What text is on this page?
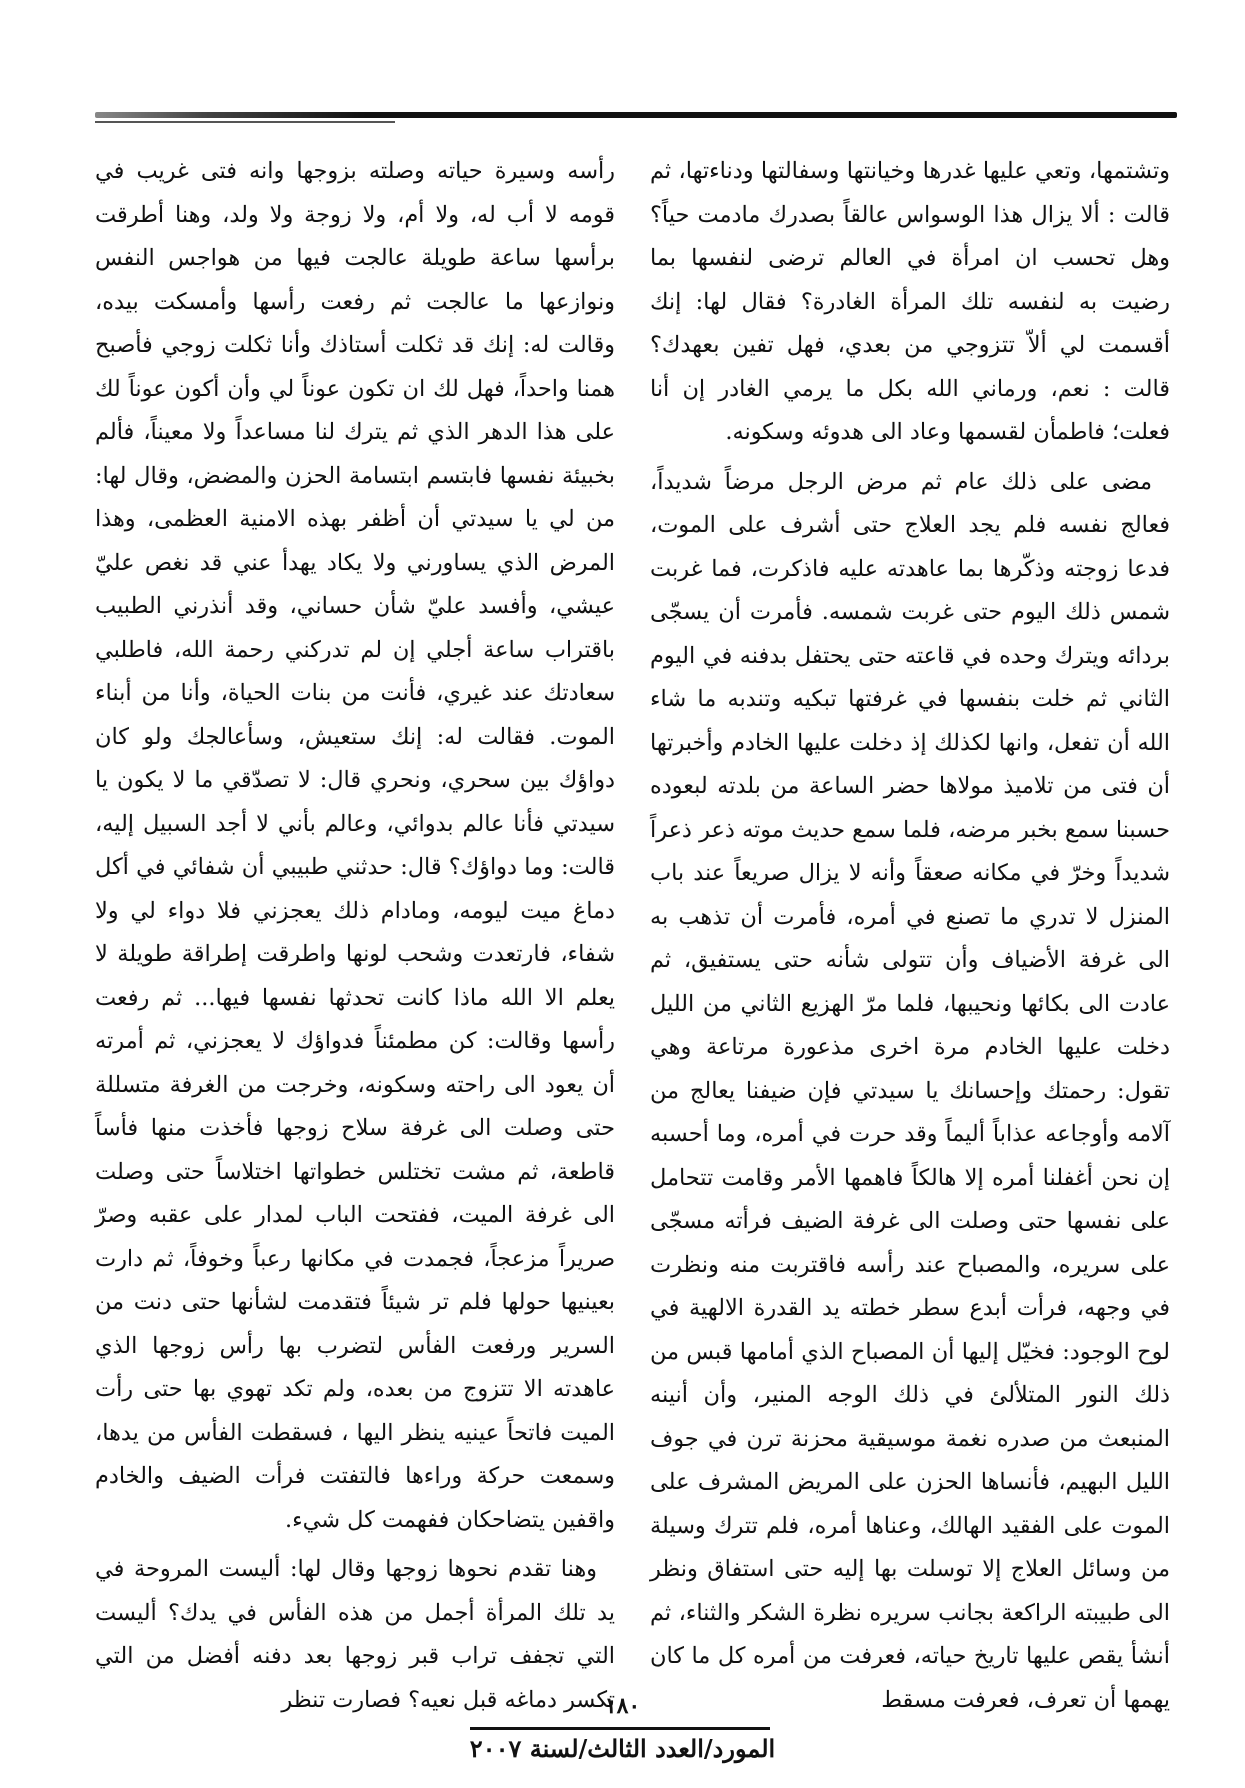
وتشتمها، وتعي عليها غدرها وخيانتها وسفالتها ودناءتها، ثم قالت : ألا يزال هذا الوسواس عالقاً بصدرك مادمت حياً؟ وهل تحسب ان امرأة في العالم ترضى لنفسها بما رضيت به لنفسه تلك المرأة الغادرة؟ فقال لها: إنك أقسمت لي ألاّ تتزوجي من بعدي، فهل تفين بعهدك؟ قالت : نعم، ورماني الله بكل ما يرمي الغادر إن أنا فعلت؛ فاطمأن لقسمها وعاد الى هدوئه وسكونه.

مضى على ذلك عام ثم مرض الرجل مرضاً شديداً، فعالج نفسه فلم يجد العلاج حتى أشرف على الموت، فدعا زوجته وذكّرها بما عاهدته عليه فاذكرت، فما غربت شمس ذلك اليوم حتى غربت شمسه. فأمرت أن يسجّى بردائه ويترك وحده في قاعته حتى يحتفل بدفنه في اليوم الثاني ثم خلت بنفسها في غرفتها تبكيه وتندبه ما شاء الله أن تفعل، وانها لكذلك إذ دخلت عليها الخادم وأخبرتها أن فتى من تلاميذ مولاها حضر الساعة من بلدته لبعوده حسبنا سمع بخبر مرضه، فلما سمع حديث موته ذعر ذعراً شديداً وخرّ في مكانه صعقاً وأنه لا يزال صريعاً عند باب المنزل لا تدري ما تصنع في أمره، فأمرت أن تذهب به الى غرفة الأضياف وأن تتولى شأنه حتى يستفيق، ثم عادت الى بكائها ونحيبها، فلما مرّ الهزيع الثاني من الليل دخلت عليها الخادم مرة اخرى مذعورة مرتاعة وهي تقول: رحمتك وإحسانك يا سيدتي فإن ضيفنا يعالج من آلامه وأوجاعه عذاباً أليماً وقد حرت في أمره، وما أحسبه إن نحن أغفلنا أمره إلا هالكاً فاهمها الأمر وقامت تتحامل على نفسها حتى وصلت الى غرفة الضيف فرأته مسجّى على سريره، والمصباح عند رأسه فاقتربت منه ونظرت في وجهه، فرأت أبدع سطر خطته يد القدرة الالهية في لوح الوجود: فخيّل إليها أن المصباح الذي أمامها قبس من ذلك النور المتلألئ في ذلك الوجه المنير، وأن أنينه المنبعث من صدره نغمة موسيقية محزنة ترن في جوف الليل البهيم، فأنساها الحزن على المريض المشرف على الموت على الفقيد الهالك، وعناها أمره، فلم تترك وسيلة من وسائل العلاج إلا توسلت بها إليه حتى استفاق ونظر الى طبيبته الراكعة بجانب سريره نظرة الشكر والثناء، ثم أنشأ يقص عليها تاريخ حياته، فعرفت من أمره كل ما كان يهمها أن تعرف، فعرفت مسقط

رأسه وسيرة حياته وصلته بزوجها وانه فتى غريب في قومه لا أب له، ولا أم، ولا زوجة ولا ولد، وهنا أطرقت برأسها ساعة طويلة عالجت فيها من هواجس النفس ونوازعها ما عالجت ثم رفعت رأسها وأمسكت بيده، وقالت له: إنك قد ثكلت أستاذك وأنا ثكلت زوجي فأصبح همنا واحداً، فهل لك ان تكون عوناً لي وأن أكون عوناً لك على هذا الدهر الذي ثم يترك لنا مساعداً ولا معيناً، فألم بخبيئة نفسها فابتسم ابتسامة الحزن والمضض، وقال لها: من لي يا سيدتي أن أظفر بهذه الامنية العظمى، وهذا المرض الذي يساورني ولا يكاد يهدأ عني قد نغص عليّ عيشي، وأفسد عليّ شأن حساني، وقد أنذرني الطبيب باقتراب ساعة أجلي إن لم تدركني رحمة الله، فاطلبي سعادتك عند غيري، فأنت من بنات الحياة، وأنا من أبناء الموت. فقالت له: إنك ستعيش، وسأعالجك ولو كان دواؤك بين سحري، ونحري قال: لا تصدّقي ما لا يكون يا سيدتي فأنا عالم بدوائي، وعالم بأني لا أجد السبيل إليه، قالت: وما دواؤك؟ قال: حدثني طبيبي أن شفائي في أكل دماغ ميت ليومه، ومادام ذلك يعجزني فلا دواء لي ولا شفاء، فارتعدت وشحب لونها واطرقت إطراقة طويلة لا يعلم الا الله ماذا كانت تحدثها نفسها فيها... ثم رفعت رأسها وقالت: كن مطمئناً فدواؤك لا يعجزني، ثم أمرته أن يعود الى راحته وسكونه، وخرجت من الغرفة متسللة حتى وصلت الى غرفة سلاح زوجها فأخذت منها فأساً قاطعة، ثم مشت تختلس خطواتها اختلاساً حتى وصلت الى غرفة الميت، ففتحت الباب لمدار على عقبه وصرّ صريراً مزعجاً، فجمدت في مكانها رعباً وخوفاً، ثم دارت بعينيها حولها فلم تر شيئاً فتقدمت لشأنها حتى دنت من السرير ورفعت الفأس لتضرب بها رأس زوجها الذي عاهدته الا تتزوج من بعده، ولم تكد تهوي بها حتى رأت الميت فاتحاً عينيه ينظر اليها ، فسقطت الفأس من يدها، وسمعت حركة وراءها فالتفتت فرأت الضيف والخادم واقفين يتضاحكان ففهمت كل شيء.

وهنا تقدم نحوها زوجها وقال لها: أليست المروحة في يد تلك المرأة أجمل من هذه الفأس في يدك؟ أليست التي تجفف تراب قبر زوجها بعد دفنه أفضل من التي تكسر دماغه قبل نعيه؟ فصارت تنظر

١٨٠
المورد/العدد الثالث/لسنة ٢٠٠٧
